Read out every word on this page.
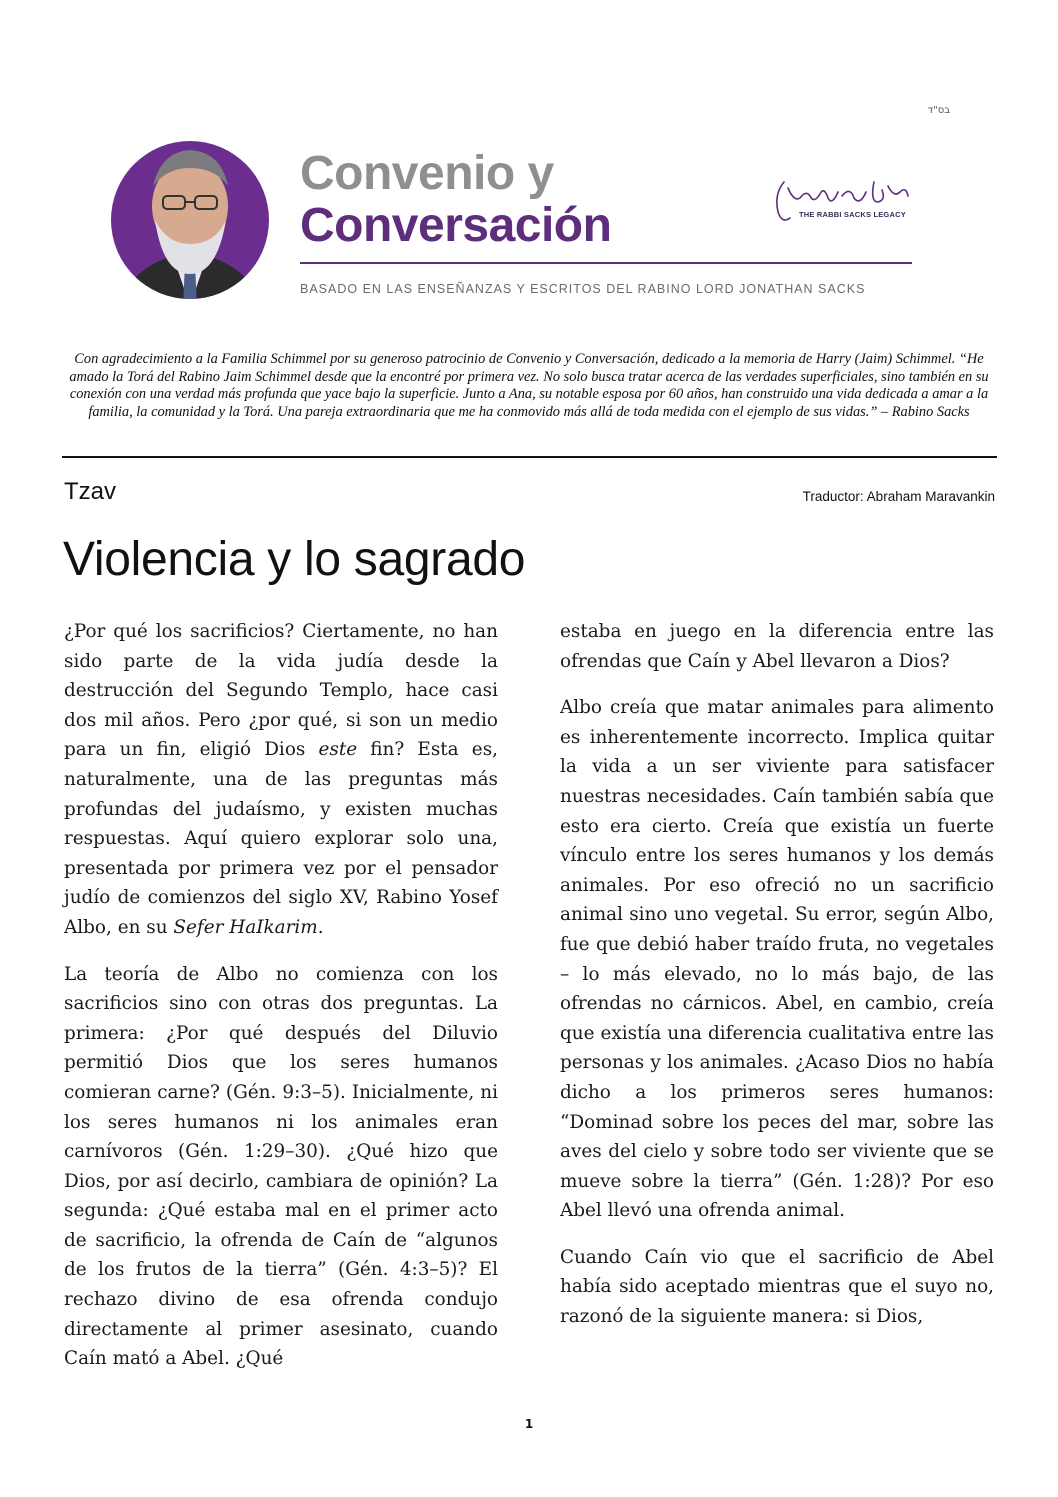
בס"ד
Convenio y
Conversación	THE RABBI SACKS LEGACY
BASADO EN LAS ENSEÑANZAS Y ESCRITOS DEL RABINO LORD JONATHAN SACKS
Con agradecimiento a la Familia Schimmel por su generoso patrocinio de Convenio y Conversación, dedicado a la memoria de Harry (Jaim) Schimmel. “He amado la Torá del Rabino Jaim Schimmel desde que la encontré por primera vez. No solo busca tratar acerca de las verdades superficiales, sino también en su conexión con una verdad más profunda que yace bajo la superficie. Junto a Ana, su notable esposa por 60 años, han construido una vida dedicada a amar a la familia, la comunidad y la Torá. Una pareja extraordinaria que me ha conmovido más allá de toda medida con el ejemplo de sus vidas.” – Rabino Sacks
Tzav	Traductor: Abraham Maravankin
Violencia y lo sagrado

¿Por qué los sacrificios? Ciertamente, no han sido parte de la vida judía desde la destrucción del Segundo Templo, hace casi dos mil años. Pero ¿por qué, si son un medio para un fin, eligió Dios este fin? Esta es, naturalmente, una de las preguntas más profundas del judaísmo, y existen muchas respuestas. Aquí quiero explorar solo una, presentada por primera vez por el pensador judío de comienzos del siglo XV, Rabino Yosef Albo, en su Sefer HaIkarim.

La teoría de Albo no comienza con los sacrificios sino con otras dos preguntas. La primera: ¿Por qué después del Diluvio permitió Dios que los seres humanos comieran carne? (Gén. 9:3–5). Inicialmente, ni los seres humanos ni los animales eran carnívoros (Gén. 1:29–30). ¿Qué hizo que Dios, por así decirlo, cambiara de opinión? La segunda: ¿Qué estaba mal en el primer acto de sacrificio, la ofrenda de Caín de “algunos de los frutos de la tierra” (Gén. 4:3–5)? El rechazo divino de esa ofrenda condujo directamente al primer asesinato, cuando Caín mató a Abel. ¿Qué

estaba en juego en la diferencia entre las ofrendas que Caín y Abel llevaron a Dios?

Albo creía que matar animales para alimento es inherentemente incorrecto. Implica quitar la vida a un ser viviente para satisfacer nuestras necesidades. Caín también sabía que esto era cierto. Creía que existía un fuerte vínculo entre los seres humanos y los demás animales. Por eso ofreció no un sacrificio animal sino uno vegetal. Su error, según Albo, fue que debió haber traído fruta, no vegetales – lo más elevado, no lo más bajo, de las ofrendas no cárnicos. Abel, en cambio, creía que existía una diferencia cualitativa entre las personas y los animales. ¿Acaso Dios no había dicho a los primeros seres humanos: “Dominad sobre los peces del mar, sobre las aves del cielo y sobre todo ser viviente que se mueve sobre la tierra” (Gén. 1:28)? Por eso Abel llevó una ofrenda animal.

Cuando Caín vio que el sacrificio de Abel había sido aceptado mientras que el suyo no, razonó de la siguiente manera: si Dios,

1
